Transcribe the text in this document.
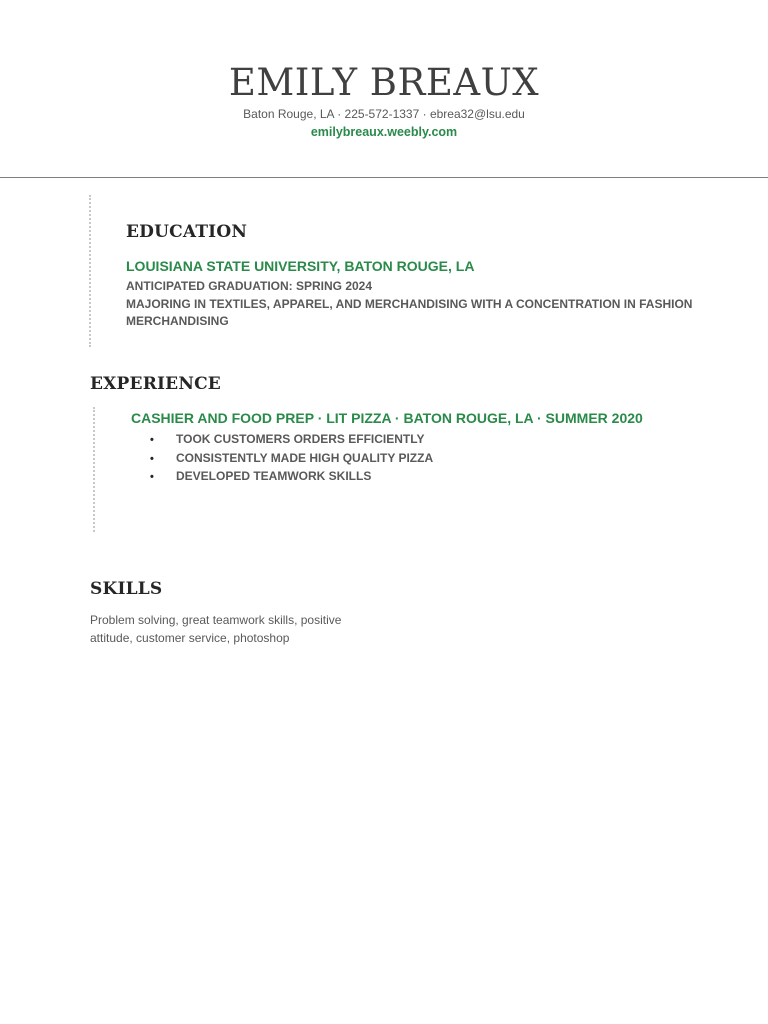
EMILY BREAUX
Baton Rouge, LA · 225-572-1337 · ebrea32@lsu.edu
emilybreaux.weebly.com
EDUCATION
LOUISIANA STATE UNIVERSITY, BATON ROUGE, LA
ANTICIPATED GRADUATION: SPRING 2024
MAJORING IN TEXTILES, APPAREL, AND MERCHANDISING WITH A CONCENTRATION IN FASHION
MERCHANDISING
EXPERIENCE
CASHIER AND FOOD PREP · LIT PIZZA · BATON ROUGE, LA · SUMMER 2020
• TOOK CUSTOMERS ORDERS EFFICIENTLY
• CONSISTENTLY MADE HIGH QUALITY PIZZA
• DEVELOPED TEAMWORK SKILLS
SKILLS
Problem solving, great teamwork skills, positive attitude, customer service, photoshop
